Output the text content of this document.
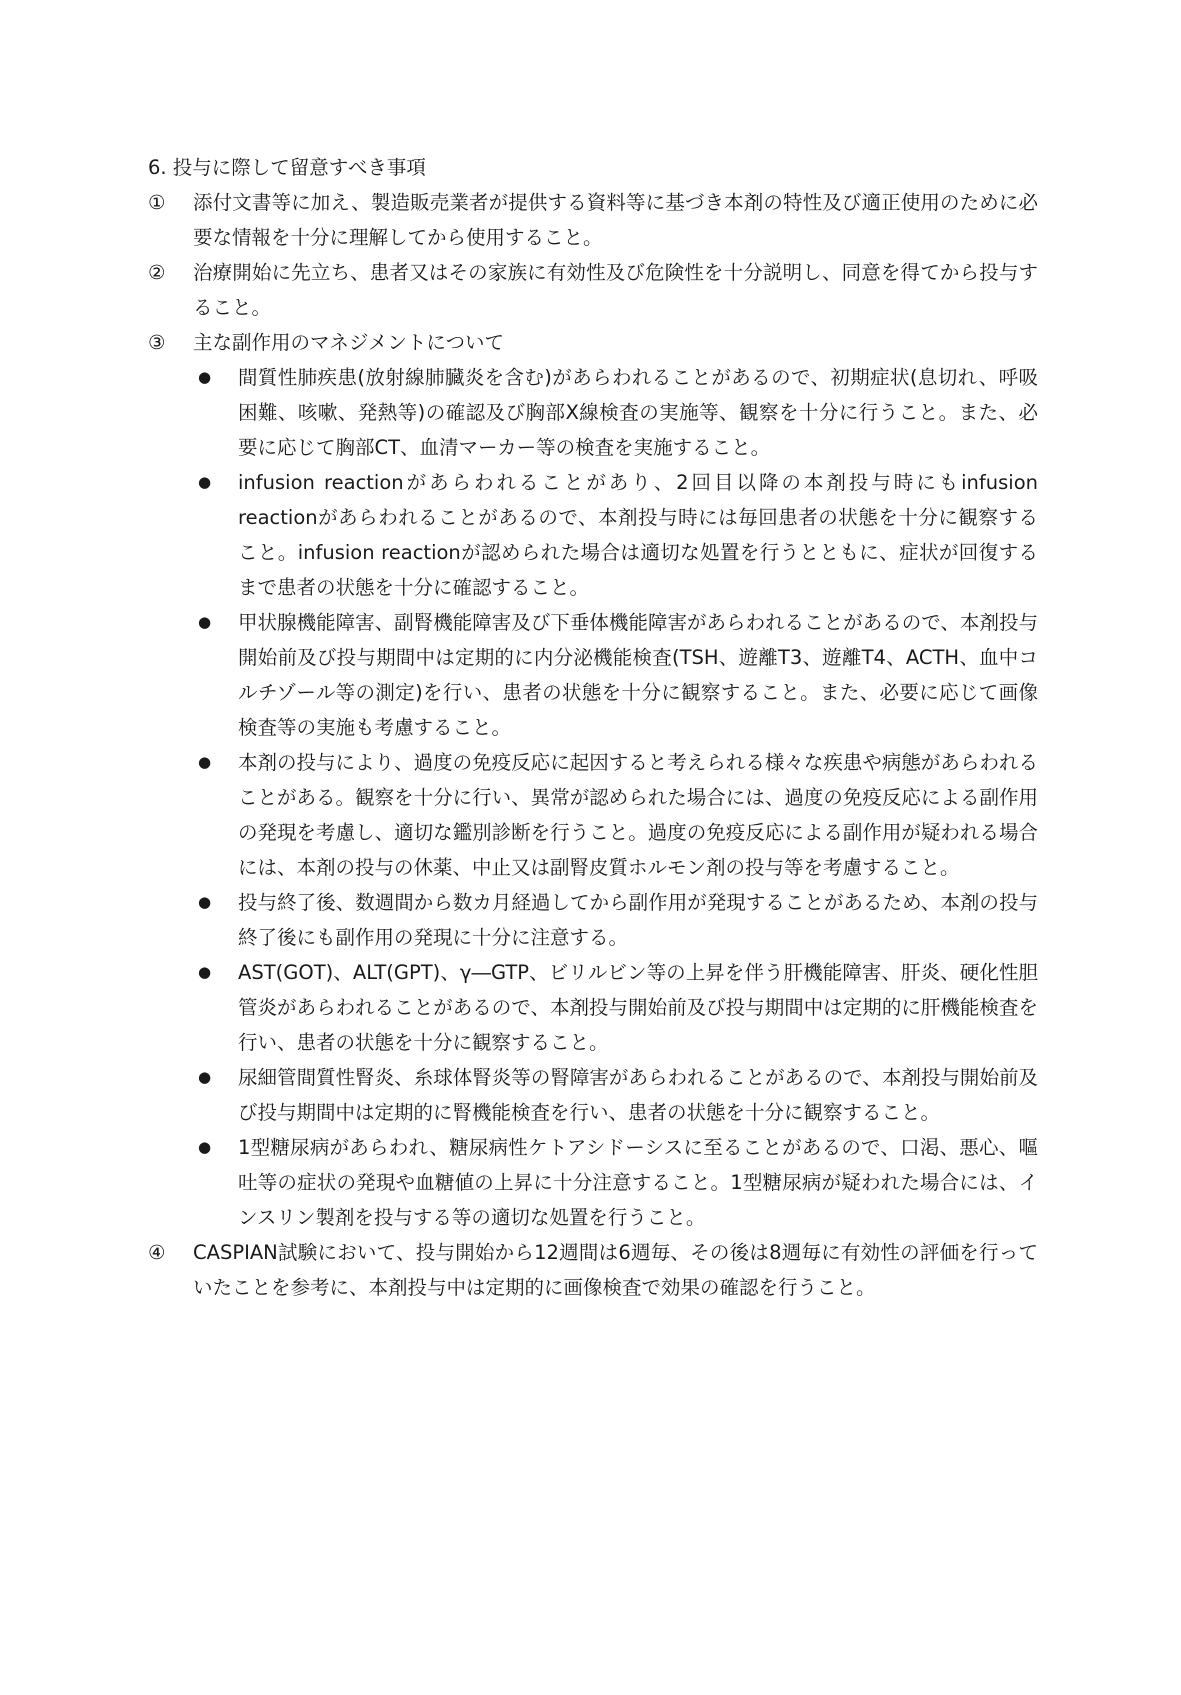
6. 投与に際して留意すべき事項
①	添付文書等に加え、製造販売業者が提供する資料等に基づき本剤の特性及び適正使用のために必要な情報を十分に理解してから使用すること。
②	治療開始に先立ち、患者又はその家族に有効性及び危険性を十分説明し、同意を得てから投与すること。
③	主な副作用のマネジメントについて
●	間質性肺疾患(放射線肺臓炎を含む)があらわれることがあるので、初期症状(息切れ、呼吸困難、咳嗽、発熱等)の確認及び胸部X線検査の実施等、観察を十分に行うこと。また、必要に応じて胸部CT、血清マーカー等の検査を実施すること。
●	infusion reactionがあらわれることがあり、2回目以降の本剤投与時にもinfusion reactionがあらわれることがあるので、本剤投与時には毎回患者の状態を十分に観察すること。infusion reactionが認められた場合は適切な処置を行うとともに、症状が回復するまで患者の状態を十分に確認すること。
●	甲状腺機能障害、副腎機能障害及び下垂体機能障害があらわれることがあるので、本剤投与開始前及び投与期間中は定期的に内分泌機能検査(TSH、遊離T3、遊離T4、ACTH、血中コルチゾール等の測定)を行い、患者の状態を十分に観察すること。また、必要に応じて画像検査等の実施も考慮すること。
●	本剤の投与により、過度の免疫反応に起因すると考えられる様々な疾患や病態があらわれることがある。観察を十分に行い、異常が認められた場合には、過度の免疫反応による副作用の発現を考慮し、適切な鑑別診断を行うこと。過度の免疫反応による副作用が疑われる場合には、本剤の投与の休薬、中止又は副腎皮質ホルモン剤の投与等を考慮すること。
●	投与終了後、数週間から数カ月経過してから副作用が発現することがあるため、本剤の投与終了後にも副作用の発現に十分に注意する。
●	AST(GOT)、ALT(GPT)、γ―GTP、ビリルビン等の上昇を伴う肝機能障害、肝炎、硬化性胆管炎があらわれることがあるので、本剤投与開始前及び投与期間中は定期的に肝機能検査を行い、患者の状態を十分に観察すること。
●	尿細管間質性腎炎、糸球体腎炎等の腎障害があらわれることがあるので、本剤投与開始前及び投与期間中は定期的に腎機能検査を行い、患者の状態を十分に観察すること。
●	1型糖尿病があらわれ、糖尿病性ケトアシドーシスに至ることがあるので、口渇、悪心、嘔吐等の症状の発現や血糖値の上昇に十分注意すること。1型糖尿病が疑われた場合には、インスリン製剤を投与する等の適切な処置を行うこと。
④	CASPIAN試験において、投与開始から12週間は6週毎、その後は8週毎に有効性の評価を行っていたことを参考に、本剤投与中は定期的に画像検査で効果の確認を行うこと。
